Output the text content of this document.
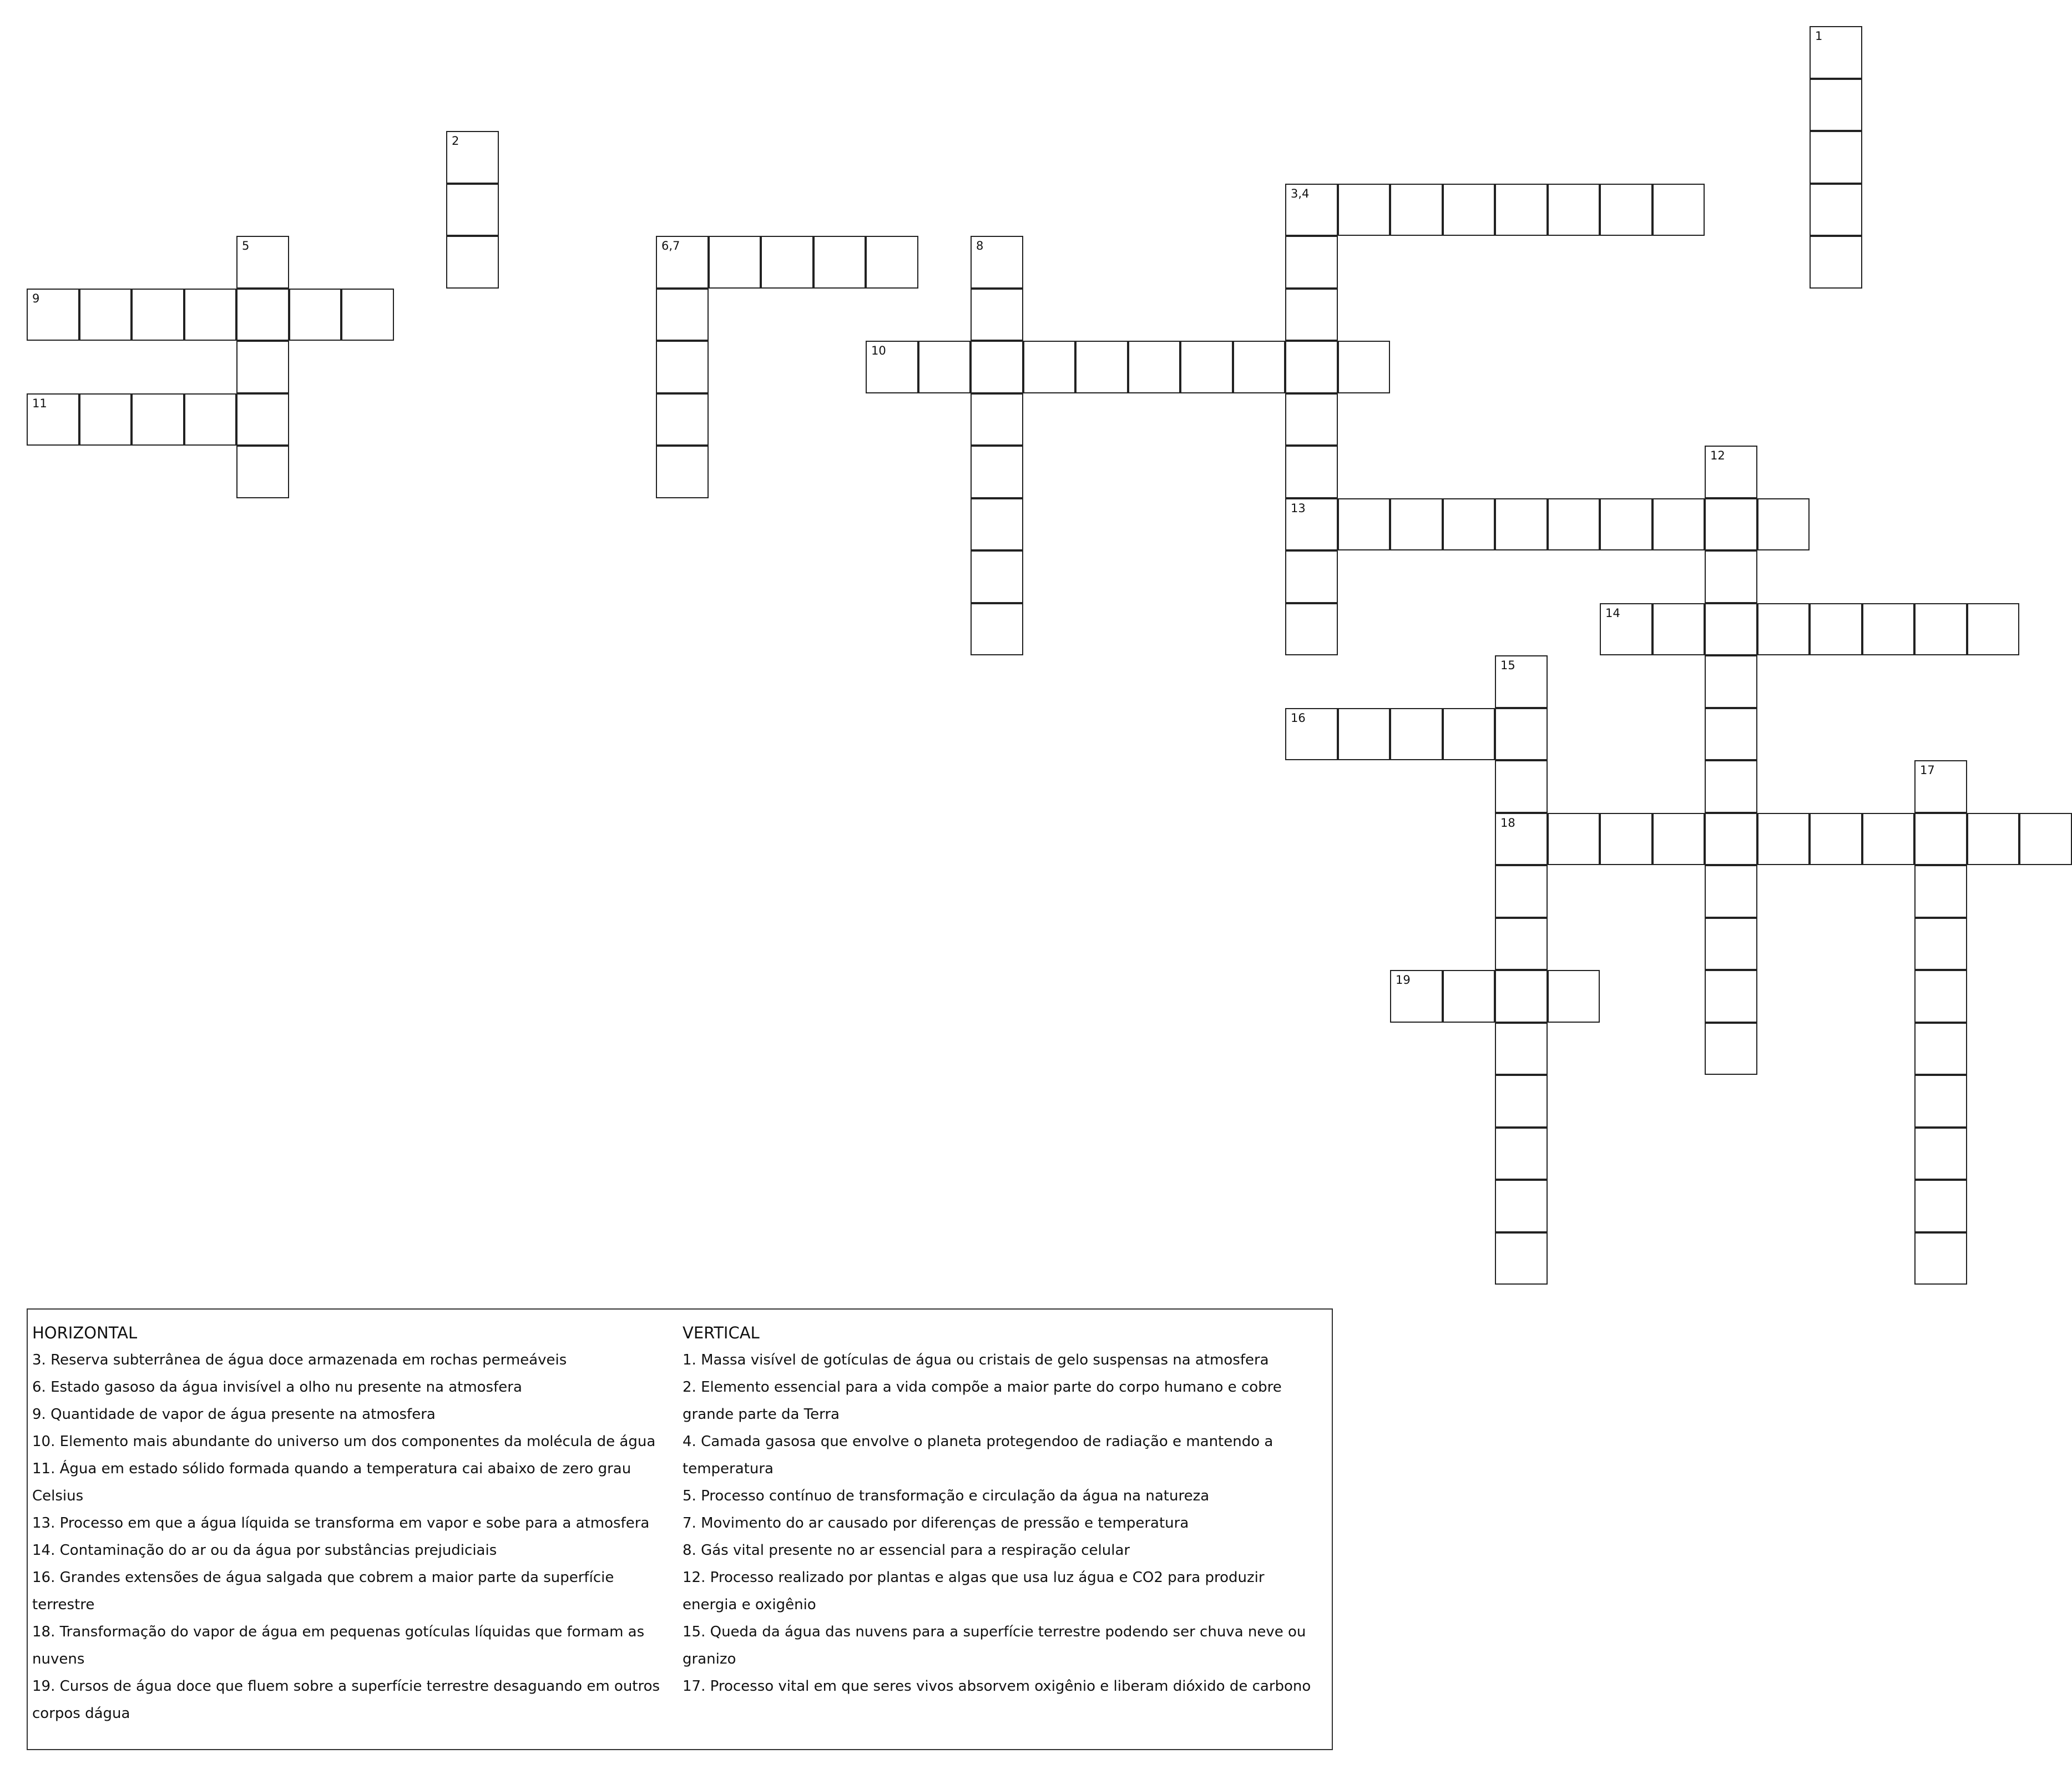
1
2
3,4
13
5	6,7	8
9
10
11
12
14
15
18
16
17
19
HORIZONTAL
3. Reserva subterrânea de água doce armazenada em rochas permeáveis
6. Estado gasoso da água invisível a olho nu presente na atmosfera
9. Quantidade de vapor de água presente na atmosfera
10. Elemento mais abundante do universo um dos componentes da molécula de água
11. Água em estado sólido formada quando a temperatura cai abaixo de zero grau Celsius
13. Processo em que a água líquida se transforma em vapor e sobe para a atmosfera
14. Contaminação do ar ou da água por substâncias prejudiciais
16. Grandes extensões de água salgada que cobrem a maior parte da superfície terrestre
18. Transformação do vapor de água em pequenas gotículas líquidas que formam as nuvens
19. Cursos de água doce que fluem sobre a superfície terrestre desaguando em outros corpos dágua
VERTICAL
1. Massa visível de gotículas de água ou cristais de gelo suspensas na atmosfera
2. Elemento essencial para a vida compõe a maior parte do corpo humano e cobre grande parte da Terra
4. Camada gasosa que envolve o planeta protegendoo de radiação e mantendo a temperatura
5. Processo contínuo de transformação e circulação da água na natureza
7. Movimento do ar causado por diferenças de pressão e temperatura
8. Gás vital presente no ar essencial para a respiração celular
12. Processo realizado por plantas e algas que usa luz água e CO2 para produzir energia e oxigênio
15. Queda da água das nuvens para a superfície terrestre podendo ser chuva neve ou granizo
17. Processo vital em que seres vivos absorvem oxigênio e liberam dióxido de carbono
